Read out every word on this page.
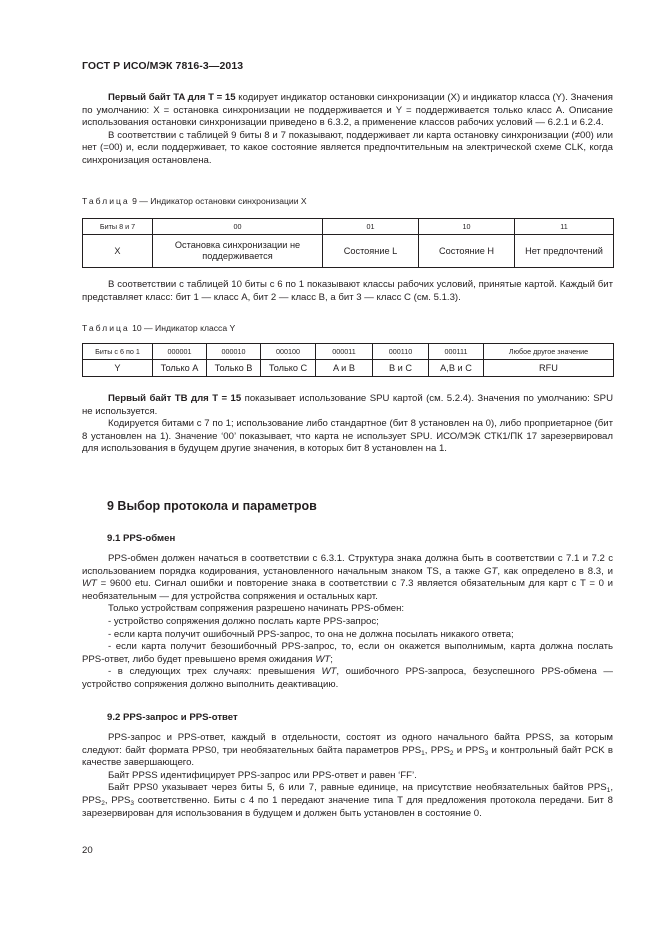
ГОСТ Р ИСО/МЭК 7816-3—2013

Первый байт TA для T = 15 кодирует индикатор остановки синхронизации (X) и индикатор класса (Y). Значения по умолчанию: X = остановка синхронизации не поддерживается и Y = поддерживается только класс A. Описание использования остановки синхронизации приведено в 6.3.2, а применение классов рабочих условий — 6.2.1 и 6.2.4.

В соответствии с таблицей 9 биты 8 и 7 показывают, поддерживает ли карта остановку синхронизации (≠00) или нет (=00) и, если поддерживает, то какое состояние является предпочтительным на электрической схеме CLK, когда синхронизация остановлена.

Таблица 9 — Индикатор остановки синхронизации X
Биты 8 и 7	00	01	10	11
X	Остановка синхронизации не поддерживается	Состояние L	Состояние H	Нет предпочтений

В соответствии с таблицей 10 биты с 6 по 1 показывают классы рабочих условий, принятые картой. Каждый бит представляет класс: бит 1 — класс A, бит 2 — класс B, а бит 3 — класс C (см. 5.1.3).

Таблица 10 — Индикатор класса Y
Биты с 6 по 1	000001	000010	000100	000011	000110	000111	Любое другое значение
Y	Только A	Только B	Только C	A и B	B и C	A,B и C	RFU

Первый байт TB для T = 15 показывает использование SPU картой (см. 5.2.4). Значения по умолчанию: SPU не используется.

Кодируется битами с 7 по 1; использование либо стандартное (бит 8 установлен на 0), либо проприетарное (бит 8 установлен на 1). Значение ‘00’ показывает, что карта не использует SPU. ИСО/МЭК СТК1/ПК 17 зарезервировал для использования в будущем другие значения, в которых бит 8 установлен на 1.

9 Выбор протокола и параметров
9.1 PPS-обмен

PPS-обмен должен начаться в соответствии с 6.3.1. Структура знака должна быть в соответствии с 7.1 и 7.2 с использованием порядка кодирования, установленного начальным знаком TS, а также GT, как определено в 8.3, и WT = 9600 etu. Сигнал ошибки и повторение знака в соответствии с 7.3 является обязательным для карт с T = 0 и необязательным — для устройства сопряжения и остальных карт.

Только устройствам сопряжения разрешено начинать PPS-обмен:

- устройство сопряжения должно послать карте PPS-запрос;

- если карта получит ошибочный PPS-запрос, то она не должна посылать никакого ответа;

- если карта получит безошибочный PPS-запрос, то, если он окажется выполнимым, карта должна послать PPS-ответ, либо будет превышено время ожидания WT;

- в следующих трех случаях: превышения WT, ошибочного PPS-запроса, безуспешного PPS-обмена — устройство сопряжения должно выполнить деактивацию.

9.2 PPS-запрос и PPS-ответ

PPS-запрос и PPS-ответ, каждый в отдельности, состоят из одного начального байта PPSS, за которым следуют: байт формата PPS0, три необязательных байта параметров $PPS_1$, $PPS_2$ и $PPS_3$ и контрольный байт PCK в качестве завершающего.

Байт PPSS идентифицирует PPS-запрос или PPS-ответ и равен ‘FF’.

Байт PPS0 указывает через биты 5, 6 или 7, равные единице, на присутствие необязательных байтов $PPS_1$, $PPS_2$, $PPS_3$ соответственно. Биты с 4 по 1 передают значение типа T для предложения протокола передачи. Бит 8 зарезервирован для использования в будущем и должен быть установлен в состояние 0.

20
